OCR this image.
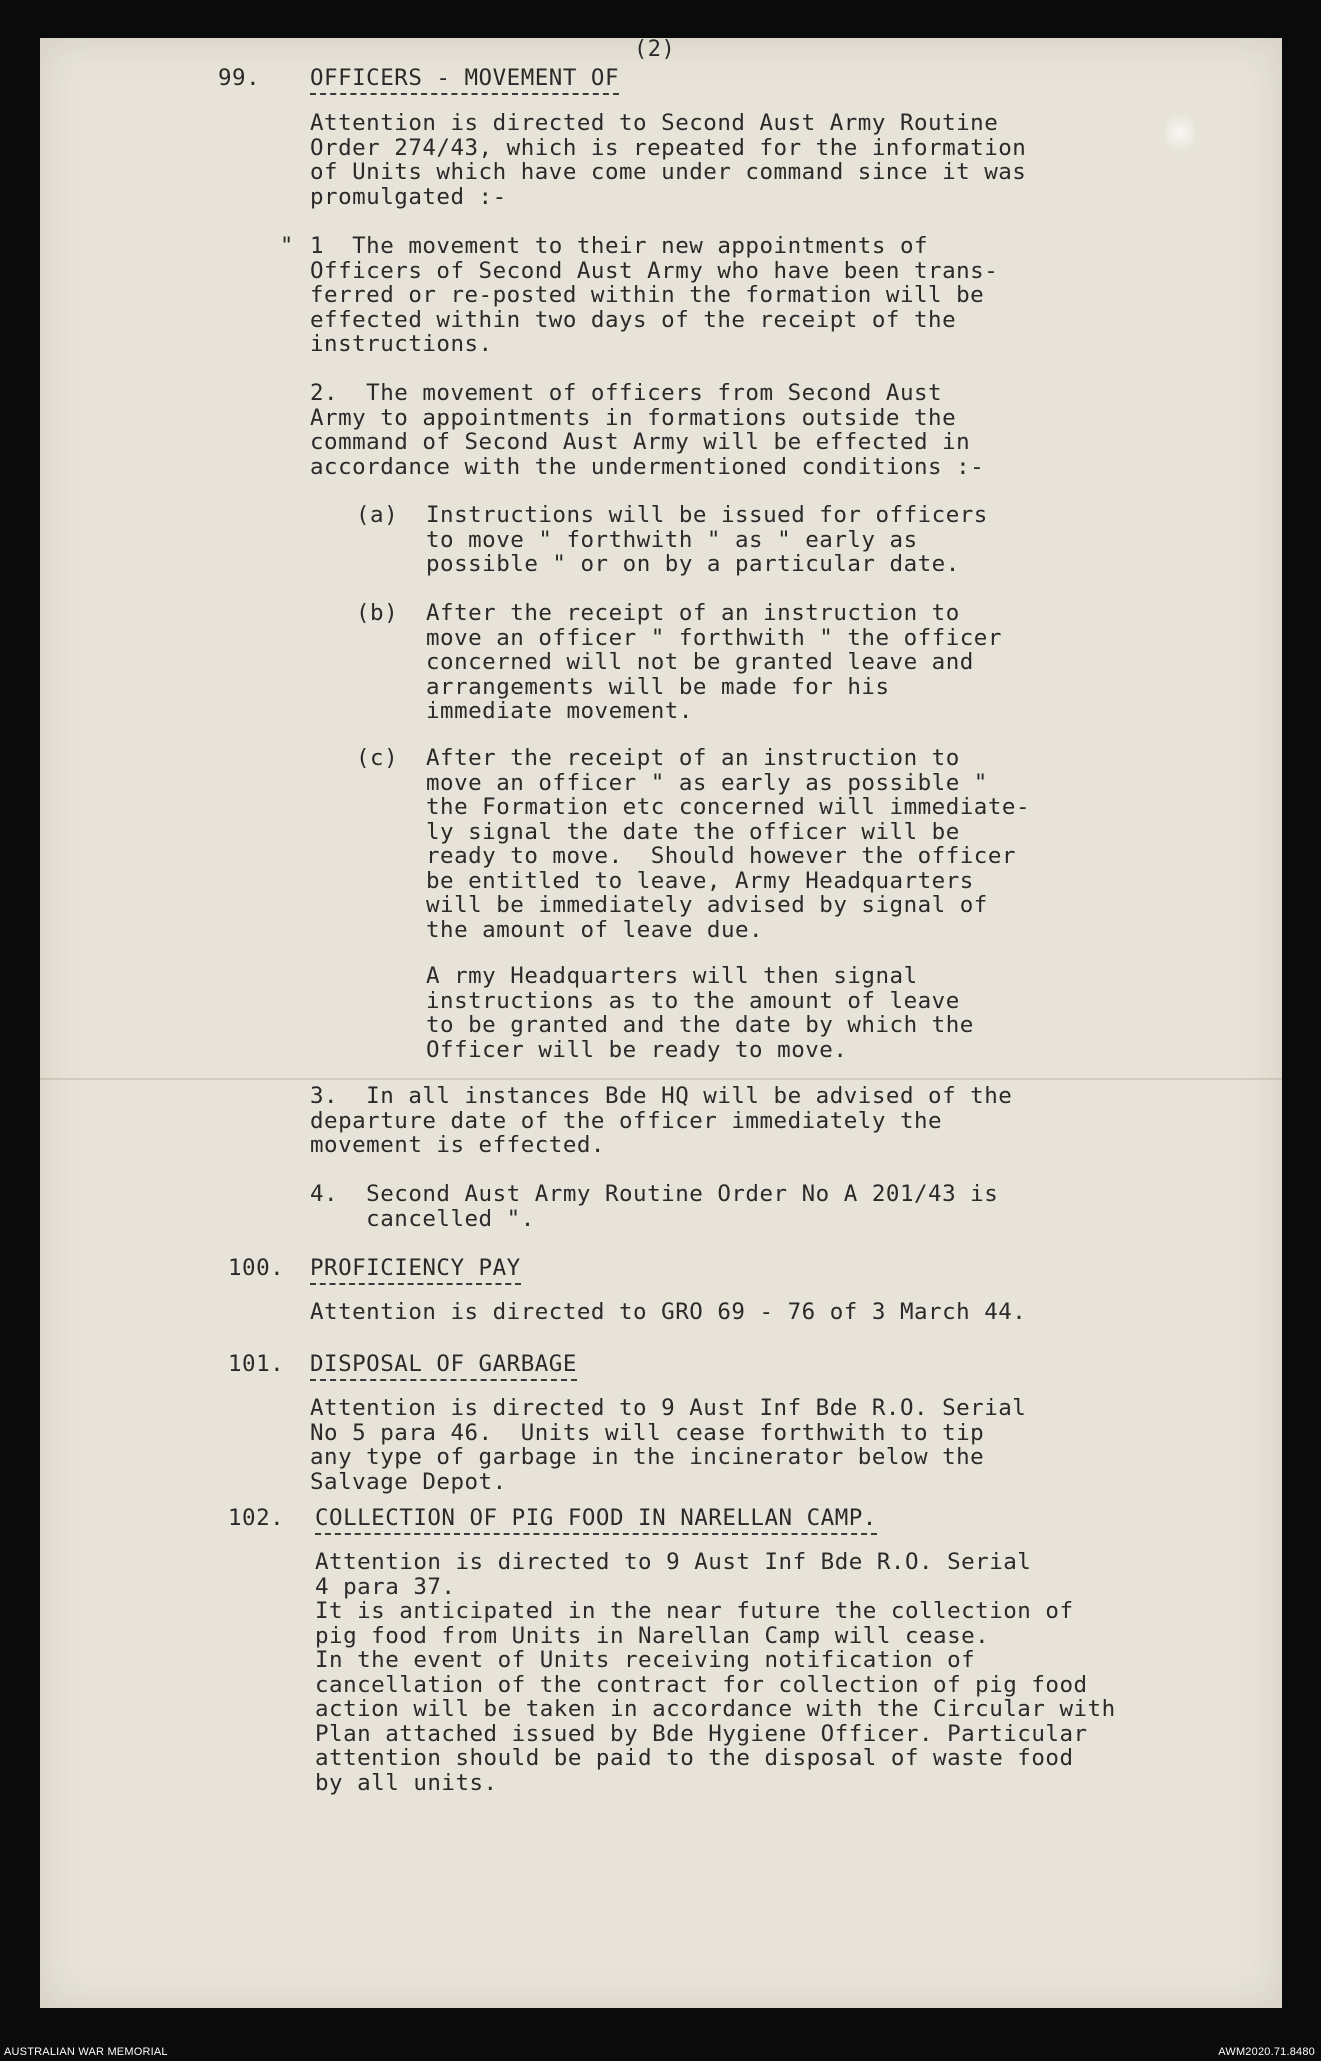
(2)
99.	OFFICERS - MOVEMENT OF
Attention is directed to Second Aust Army Routine
Order 274/43, which is repeated for the information
of Units which have come under command since it was
promulgated :-
" 1  The movement to their new appointments of
Officers of Second Aust Army who have been trans-
ferred or re-posted within the formation will be
effected within two days of the receipt of the
instructions.
2.  The movement of officers from Second Aust
Army to appointments in formations outside the
command of Second Aust Army will be effected in
accordance with the undermentioned conditions :-
(a)	Instructions will be issued for officers
to move " forthwith " as " early as
possible " or on by a particular date.
(b)	After the receipt of an instruction to
move an officer " forthwith " the officer
concerned will not be granted leave and
arrangements will be made for his
immediate movement.
(c)	After the receipt of an instruction to
move an officer " as early as possible "
the Formation etc concerned will immediate-
ly signal the date the officer will be
ready to move.  Should however the officer
be entitled to leave, Army Headquarters
will be immediately advised by signal of
the amount of leave due.
A rmy Headquarters will then signal
instructions as to the amount of leave
to be granted and the date by which the
Officer will be ready to move.
3.  In all instances Bde HQ will be advised of the
departure date of the officer immediately the
movement is effected.
4.  Second Aust Army Routine Order No A 201/43 is
cancelled ".
100.	PROFICIENCY PAY
Attention is directed to GRO 69 - 76 of 3 March 44.
101.	DISPOSAL OF GARBAGE
Attention is directed to 9 Aust Inf Bde R.O. Serial
No 5 para 46.  Units will cease forthwith to tip
any type of garbage in the incinerator below the
Salvage Depot.
102.	COLLECTION OF PIG FOOD IN NARELLAN CAMP.
Attention is directed to 9 Aust Inf Bde R.O. Serial
4 para 37.
It is anticipated in the near future the collection of
pig food from Units in Narellan Camp will cease.
In the event of Units receiving notification of
cancellation of the contract for collection of pig food
action will be taken in accordance with the Circular with
Plan attached issued by Bde Hygiene Officer. Particular
attention should be paid to the disposal of waste food
by all units.
AUSTRALIAN WAR MEMORIAL	AWM2020.71.8480
